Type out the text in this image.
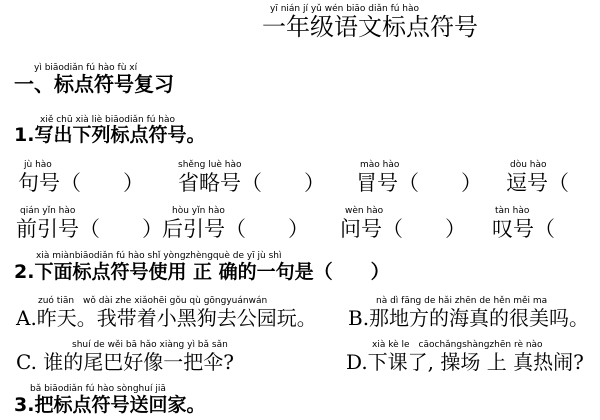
yī nián jí yǔ wén biāo diǎn fú hào
一年级语文标点符号
yì biāodiǎn fú hào fù xí
一、标点符号复习
xiě chū xià liè biāodiǎn fú hào
1.写出下列标点符号。
jù hào
句号（　　）
shěng luè hào
省略号（　　）
mào hào
冒号（　　）
dòu hào
逗号（
qián yǐn hào
前引号（　　）
hòu yǐn hào
后引号（　　）
wèn hào
问号（　　）
tàn hào
叹号（
xià miànbiāodiǎn fú hào shǐ yòngzhèngquè de yī jù shì
2.下面标点符号使用 正 确的一句是（　　）
zuó tiān　wǒ dài zhe xiǎohēi gǒu qù gōngyuánwán
A.昨天。我带着小黑狗去公园玩。
nà dì fāng de hǎi zhēn de hěn měi ma
B.那地方的海真的很美吗。
shuí de wěi bā hǎo xiàng yì bǎ sǎn
C. 谁的尾巴好像一把伞?
xià kè le　cāochǎngshàngzhēn rè nào
D.下课了, 操场 上 真热闹?
bǎ biāodiǎn fú hào sònghuí jiā
3.把标点符号送回家。
